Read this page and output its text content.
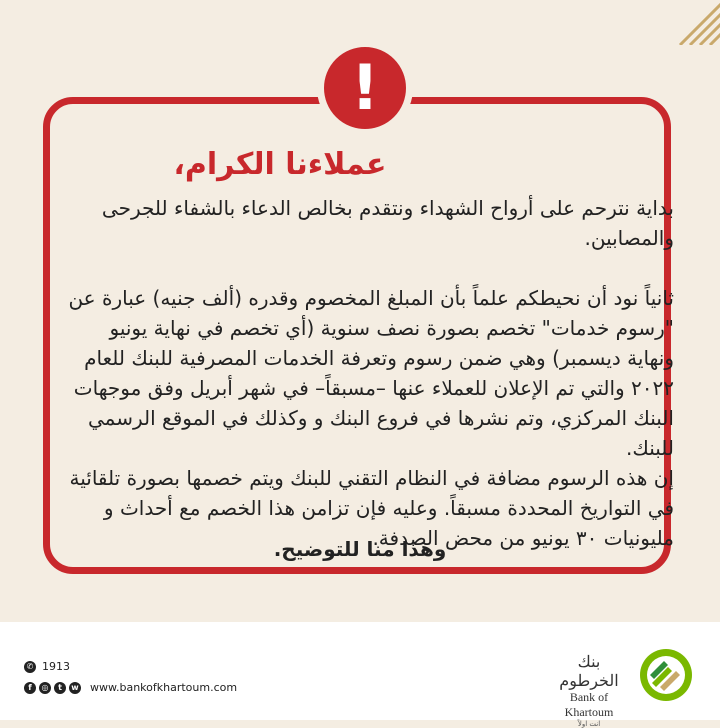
!
عملاءنا الكرام،

بداية نترحم على أرواح الشهداء ونتقدم بخالص الدعاء بالشفاء للجرحى والمصابين.

ثانياً نود أن نحيطكم علماً بأن المبلغ المخصوم وقدره (ألف جنيه) عبارة عن "رسوم خدمات" تخصم بصورة نصف سنوية (أي تخصم في نهاية يونيو ونهاية ديسمبر) وهي ضمن رسوم وتعرفة الخدمات المصرفية للبنك للعام ٢٠٢٢ والتي تم الإعلان للعملاء عنها –مسبقاً– في شهر أبريل وفق موجهات البنك المركزي، وتم نشرها في فروع البنك و وكذلك في الموقع الرسمي للبنك.

إن هذه الرسوم مضافة في النظام التقني للبنك ويتم خصمها بصورة تلقائية في التواريخ المحددة مسبقاً. وعليه فإن تزامن هذا الخصم مع أحداث و مليونيات ٣٠ يونيو من محض الصدفة.

وهذا منا للتوضيح.
✆ 1913
f	◎	t	w www.bankofkhartoum.com
بنك الخرطوم
Bank of Khartoum
انت اولاً
